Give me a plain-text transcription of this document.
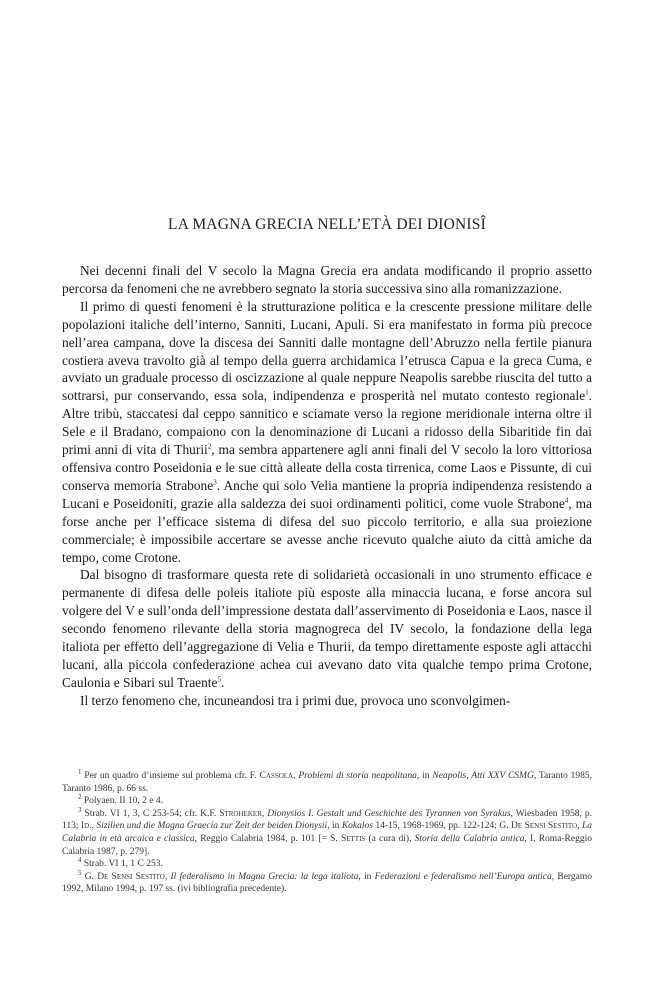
LA MAGNA GRECIA NELL’ETÀ DEI DIONISÎ

Nei decenni finali del V secolo la Magna Grecia era andata modificando il proprio assetto percorsa da fenomeni che ne avrebbero segnato la storia successiva sino alla romanizzazione.

Il primo di questi fenomeni è la strutturazione politica e la crescente pressione militare delle popolazioni italiche dell’interno, Sanniti, Lucani, Apuli. Si era manifestato in forma più precoce nell’area campana, dove la discesa dei Sanniti dalle montagne dell’Abruzzo nella fertile pianura costiera aveva travolto già al tempo della guerra archidamica l’etrusca Capua e la greca Cuma, e avviato un graduale processo di oscizzazione al quale neppure Neapolis sarebbe riuscita del tutto a sottrarsi, pur conservando, essa sola, indipendenza e prosperità nel mutato contesto regionale$^1$. Altre tribù, staccatesi dal ceppo sannitico e sciamate verso la regione meridionale interna oltre il Sele e il Bradano, compaiono con la denominazione di Lucani a ridosso della Sibaritide fin dai primi anni di vita di Thurii$^2$, ma sembra appartenere agli anni finali del V secolo la loro vittoriosa offensiva contro Poseidonia e le sue città alleate della costa tirrenica, come Laos e Pissunte, di cui conserva memoria Strabone$^3$. Anche qui solo Velia mantiene la propria indipendenza resistendo a Lucani e Poseidoniti, grazie alla saldezza dei suoi ordinamenti politici, come vuole Strabone$^4$, ma forse anche per l’efficace sistema di difesa del suo piccolo territorio, e alla sua proiezione commerciale; è impossibile accertare se avesse anche ricevuto qualche aiuto da città amiche da tempo, come Crotone.

Dal bisogno di trasformare questa rete di solidarietà occasionali in uno strumento efficace e permanente di difesa delle poleis italiote più esposte alla minaccia lucana, e forse ancora sul volgere del V e sull’onda dell’impressione destata dall’asservimento di Poseidonia e Laos, nasce il secondo fenomeno rilevante della storia magnogreca del IV secolo, la fondazione della lega italiota per effetto dell’aggregazione di Velia e Thurii, da tempo direttamente esposte agli attacchi lucani, alla piccola confederazione achea cui avevano dato vita qualche tempo prima Crotone, Caulonia e Sibari sul Traente$^5$.

Il terzo fenomeno che, incuneandosi tra i primi due, provoca uno sconvolgimen-

$^1$ Per un quadro d’insieme sul problema cfr. F. Cassola, Problemi di storia neapolitana, in Neapolis, Atti XXV CSMG, Taranto 1985, Taranto 1986, p. 66 ss.

$^2$ Polyaen. II 10, 2 e 4.

$^3$ Strab. VI 1, 3, C 253-54; cfr. K.F. Stroheker, Dionysios I. Gestalt und Geschichte des Tyrannen von Syrakus, Wiesbaden 1958, p. 113; Id., Sizilien und die Magna Graecia zur Zeit der beiden Dionysii, in Kokalos 14-15, 1968-1969, pp. 122-124; G. De Sensi Sestito, La Calabria in età arcaica e classica, Reggio Calabria 1984, p. 101 [= S. Settis (a cura di), Storia della Calabria antica, I, Roma-Reggio Calabria 1987, p. 279].

$^4$ Strab. VI 1, 1 C 253.

$^5$ G. De Sensi Sestito, Il federalismo in Magna Grecia: la lega italiota, in Federazioni e federalismo nell’Europa antica, Bergamo 1992, Milano 1994, p. 197 ss. (ivi bibliografia precedente).
